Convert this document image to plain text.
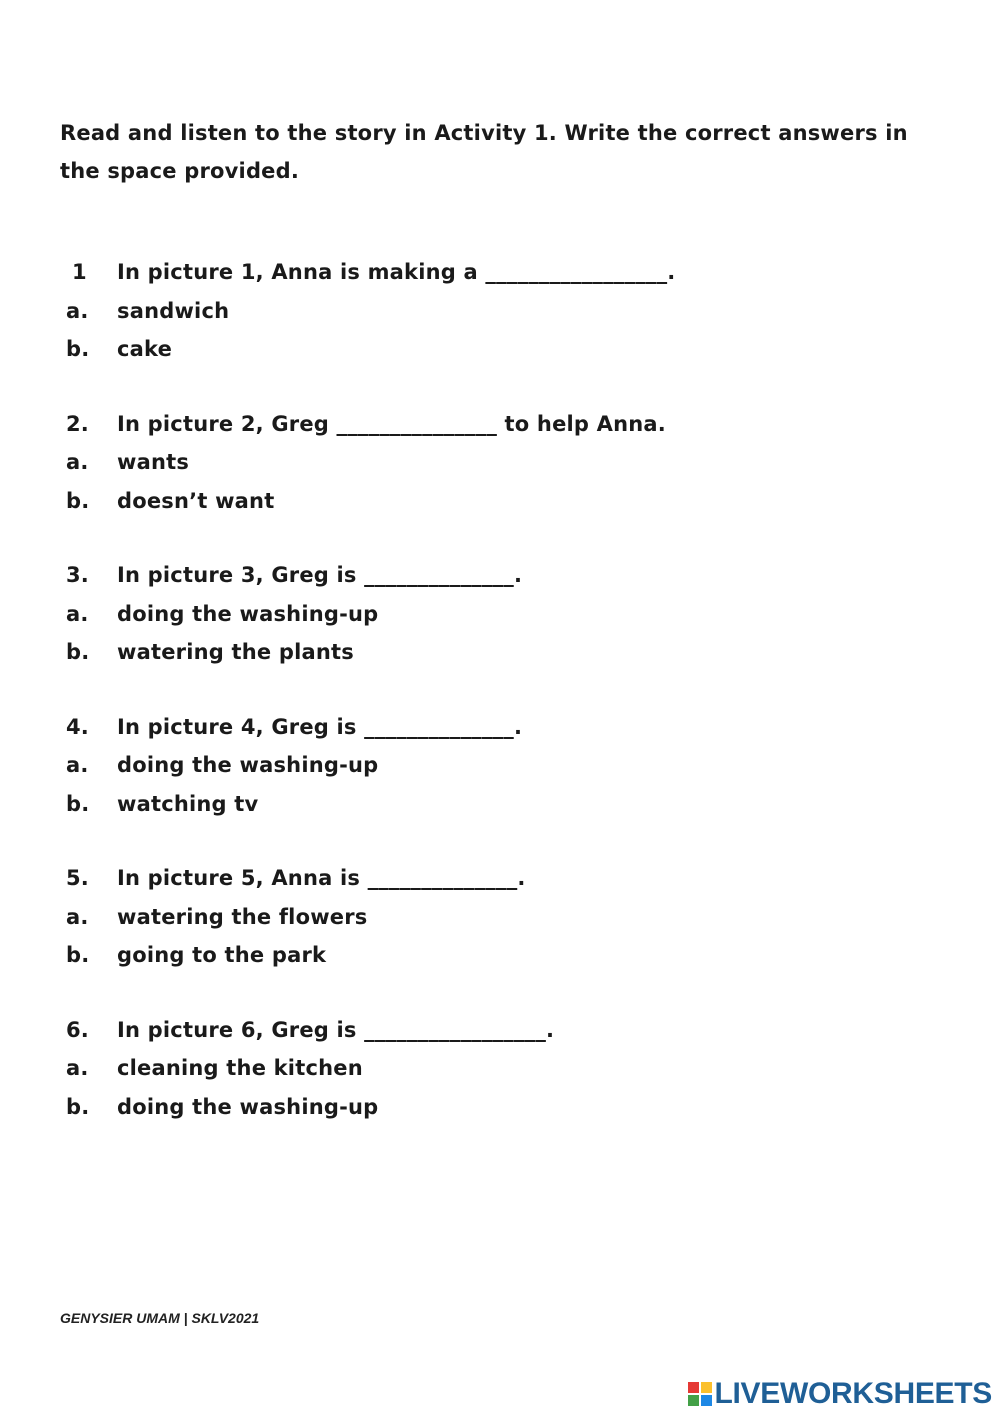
Read and listen to the story in Activity 1. Write the correct answers in
the space provided.
1	In picture 1, Anna is making a _________________.
a.	sandwich
b.	cake
2.	In picture 2, Greg _______________ to help Anna.
a.	wants
b.	doesn’t want
3.	In picture 3, Greg is ______________.
a.	doing the washing-up
b.	watering the plants
4.	In picture 4, Greg is ______________.
a.	doing the washing-up
b.	watching tv
5.	In picture 5, Anna is ______________.
a.	watering the flowers
b.	going to the park
6.	In picture 6, Greg is _________________.
a.	cleaning the kitchen
b.	doing the washing-up
GENYSIER UMAM | SKLV2021
LIVEWORKSHEETS
